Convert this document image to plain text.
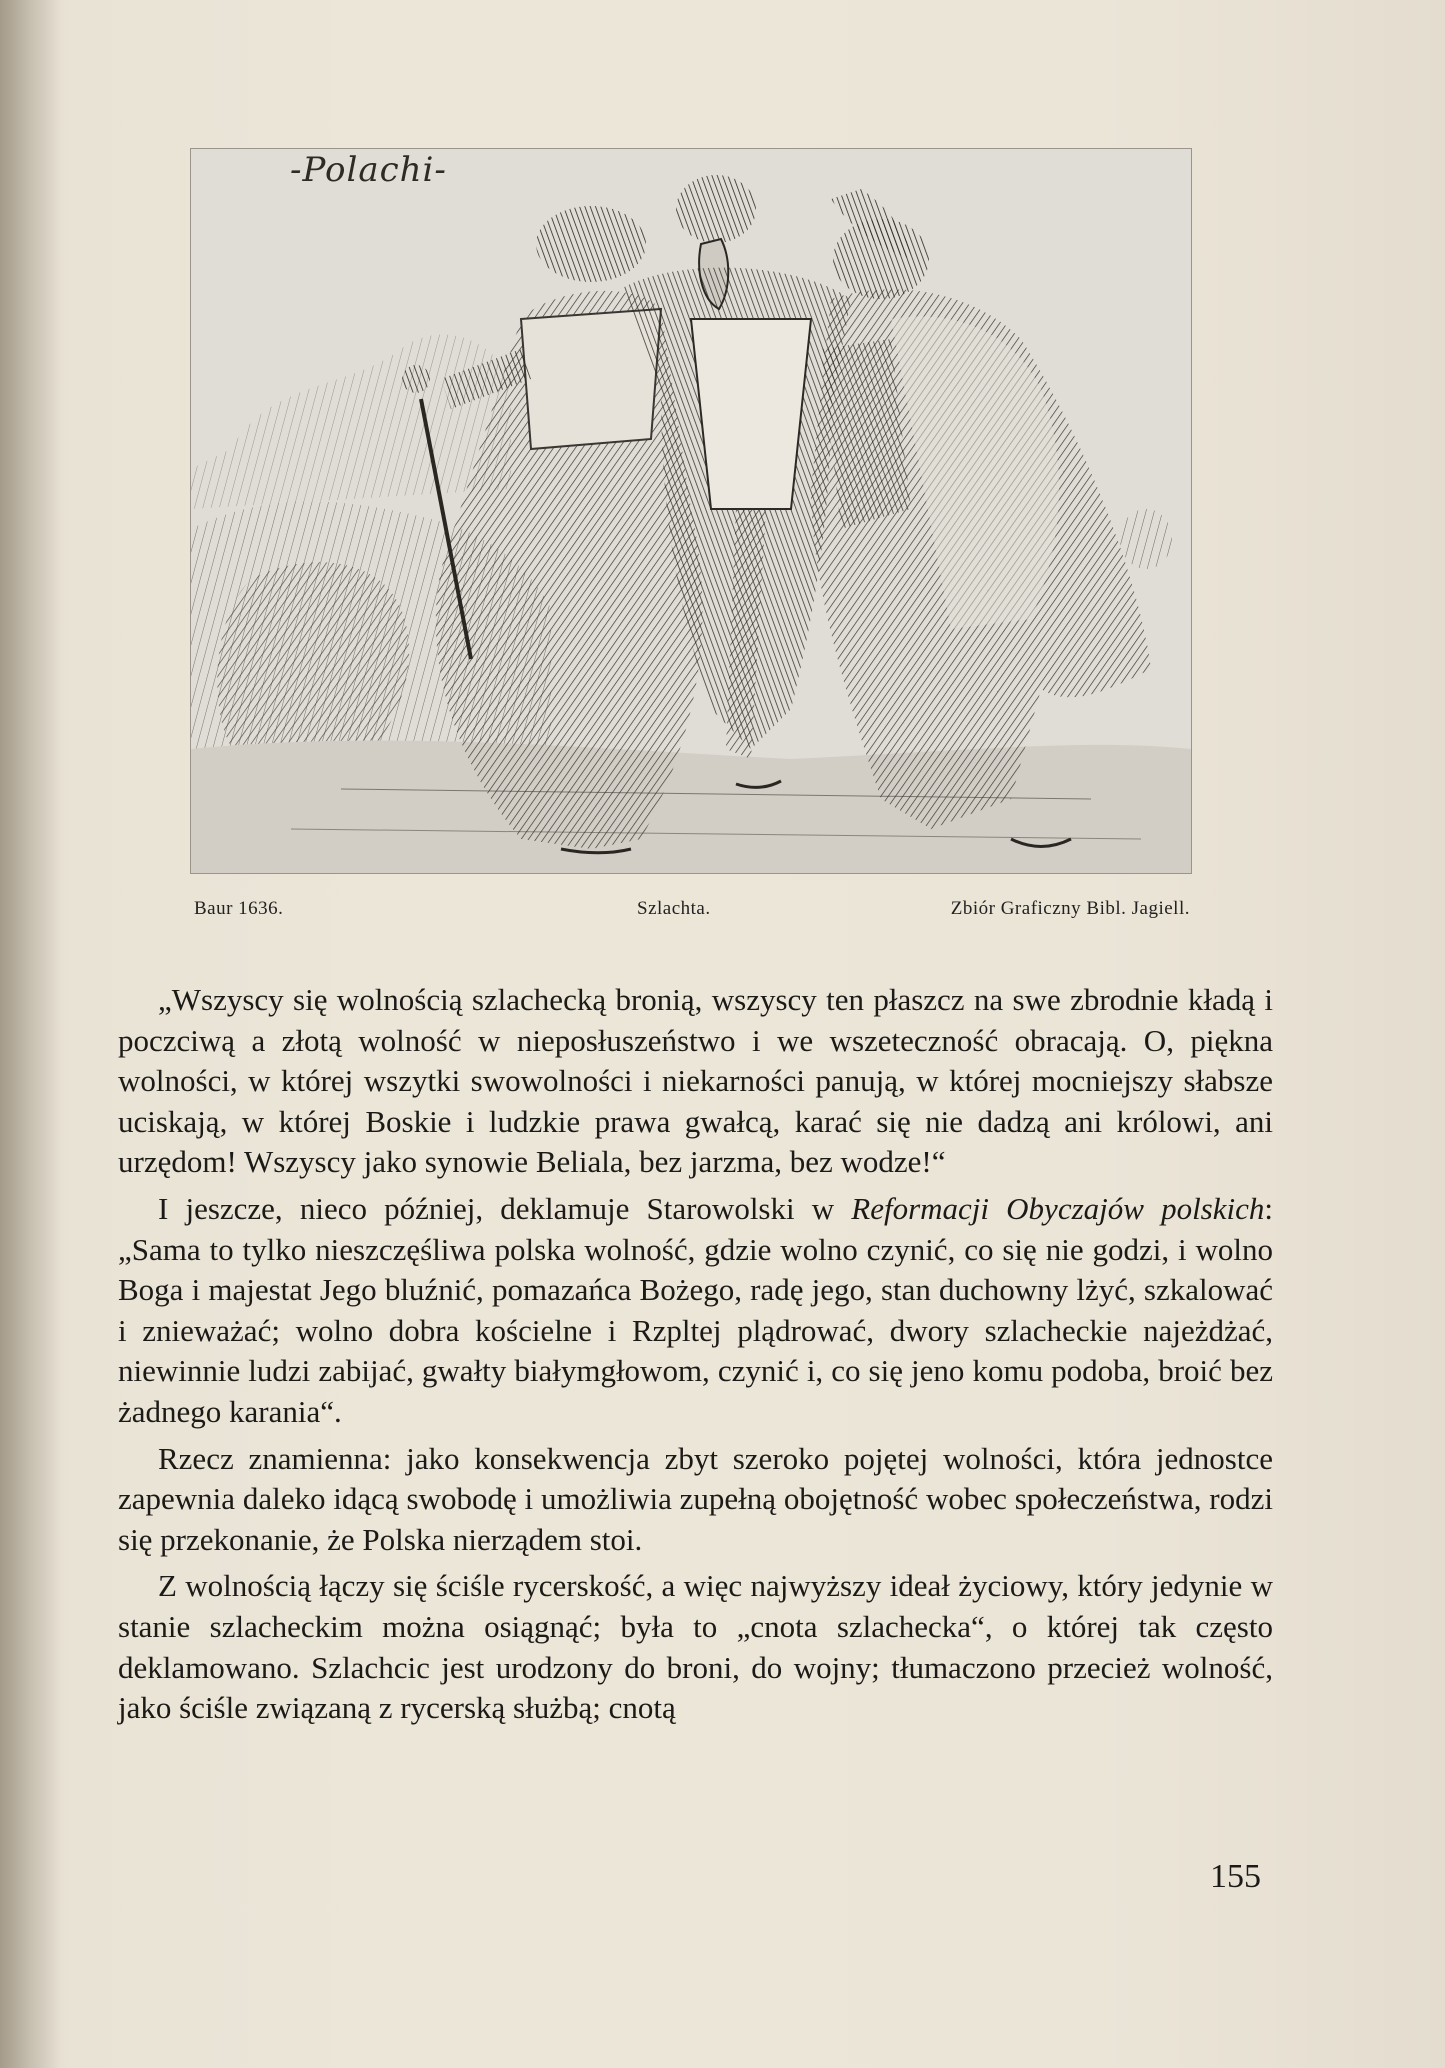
-Polachi-
Baur 1636.	Szlachta.	Zbiór Graficzny Bibl. Jagiell.

„Wszyscy się wolnością szlachecką bronią, wszyscy ten płaszcz na swe zbrodnie kładą i poczciwą a złotą wolność w nieposłuszeństwo i we wszeteczność obracają. O, piękna wolności, w której wszytki swowolności i niekarności panują, w której mocniejszy słabsze uciskają, w której Boskie i ludzkie prawa gwałcą, karać się nie dadzą ani królowi, ani urzędom! Wszyscy jako synowie Beliala, bez jarzma, bez wodze!“

I jeszcze, nieco później, deklamuje Starowolski w Reformacji Obyczajów polskich: „Sama to tylko nieszczęśliwa polska wolność, gdzie wolno czynić, co się nie godzi, i wolno Boga i majestat Jego bluźnić, pomazańca Bożego, radę jego, stan duchowny lżyć, szkalować i znieważać; wolno dobra kościelne i Rzpltej plądrować, dwory szlacheckie najeżdżać, niewinnie ludzi zabijać, gwałty białymgłowom, czynić i, co się jeno komu podoba, broić bez żadnego karania“.

Rzecz znamienna: jako konsekwencja zbyt szeroko pojętej wolności, która jednostce zapewnia daleko idącą swobodę i umożliwia zupełną obojętność wobec społeczeństwa, rodzi się przekonanie, że Polska nierządem stoi.

Z wolnością łączy się ściśle rycerskość, a więc najwyższy ideał życiowy, który jedynie w stanie szlacheckim można osiągnąć; była to „cnota szlachecka“, o której tak często deklamowano. Szlachcic jest urodzony do broni, do wojny; tłumaczono przecież wolność, jako ściśle związaną z rycerską służbą; cnotą

155
